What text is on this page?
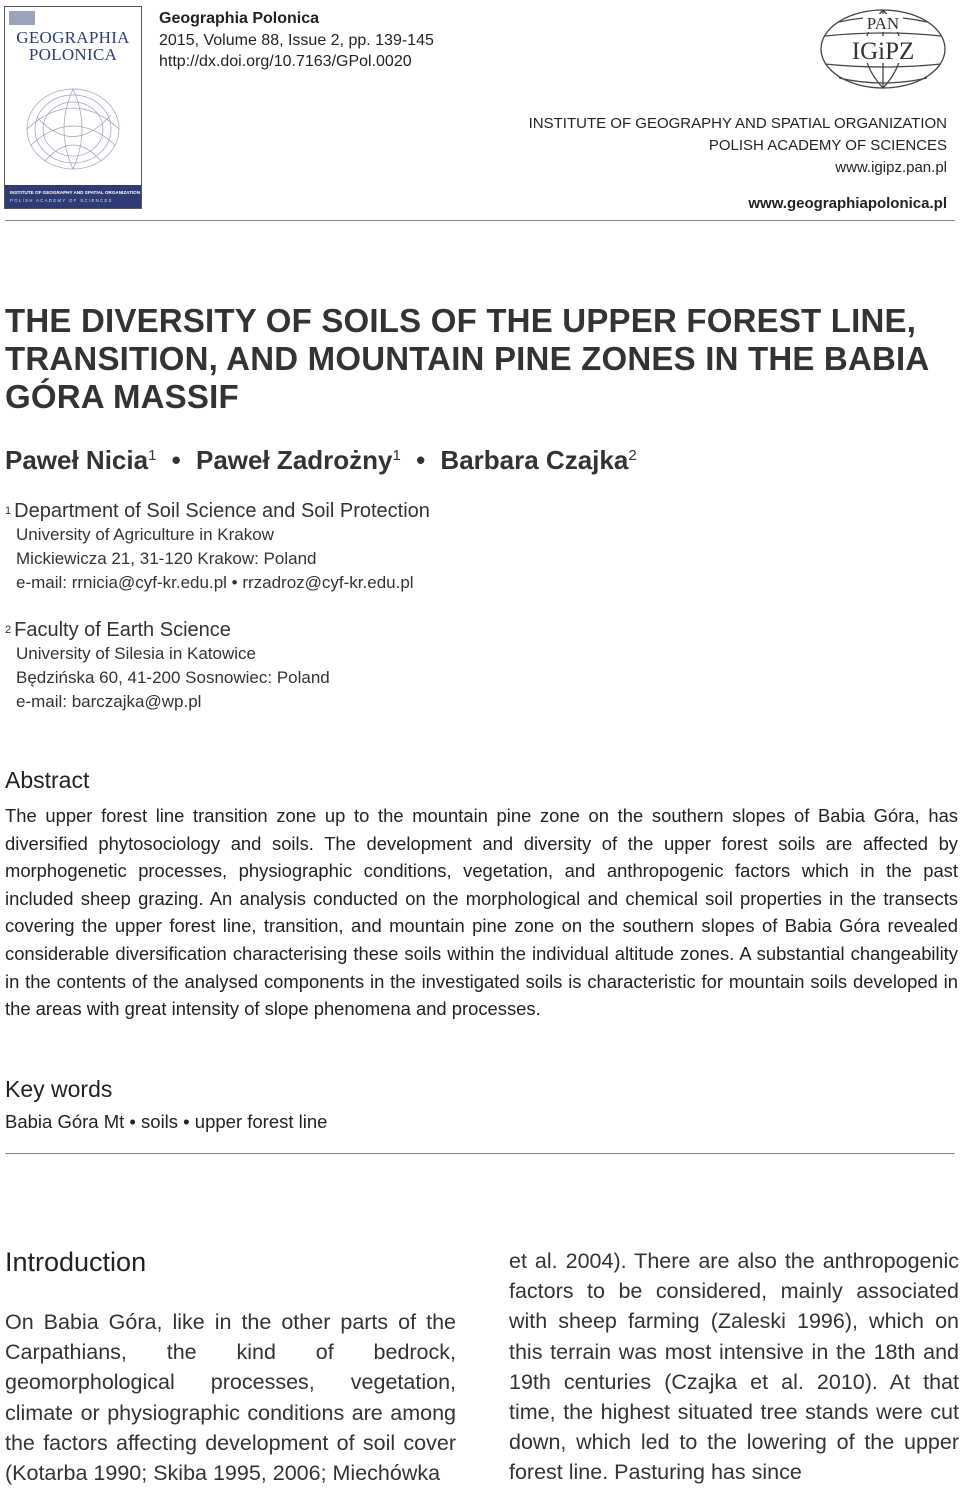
GEOGRAPHIA
POLONICA
INSTITUTE OF GEOGRAPHY AND SPATIAL ORGANIZATION
POLISH ACADEMY OF SCIENCES
Geographia Polonica
2015, Volume 88, Issue 2, pp. 139-145
http://dx.doi.org/10.7163/GPol.0020
PAN
IGiPZ
INSTITUTE OF GEOGRAPHY AND SPATIAL ORGANIZATION
POLISH ACADEMY OF SCIENCES
www.igipz.pan.pl
www.geographiapolonica.pl
THE DIVERSITY OF SOILS OF THE UPPER FOREST LINE, TRANSITION, AND MOUNTAIN PINE ZONES IN THE BABIA GÓRA MASSIF
Paweł Nicia$^1$ • Paweł Zadrożny$^1$ • Barbara Czajka$^2$
$^1$ Department of Soil Science and Soil Protection
University of Agriculture in Krakow
Mickiewicza 21, 31-120 Krakow: Poland
e-mail: rrnicia@cyf-kr.edu.pl • rrzadroz@cyf-kr.edu.pl
$^2$ Faculty of Earth Science
University of Silesia in Katowice
Będzińska 60, 41-200 Sosnowiec: Poland
e-mail: barczajka@wp.pl
Abstract
The upper forest line transition zone up to the mountain pine zone on the southern slopes of Babia Góra, has diversified phytosociology and soils. The development and diversity of the upper forest soils are affected by morphogenetic processes, physiographic conditions, vegetation, and anthropogenic factors which in the past included sheep grazing. An analysis conducted on the morphological and chemical soil properties in the transects covering the upper forest line, transition, and mountain pine zone on the southern slopes of Babia Góra revealed considerable diversification characterising these soils within the individual altitude zones. A substantial changeability in the contents of the analysed components in the investigated soils is characteristic for mountain soils developed in the areas with great intensity of slope phenomena and processes.
Key words
Babia Góra Mt • soils • upper forest line
Introduction
On Babia Góra, like in the other parts of the Carpathians, the kind of bedrock, geomorphological processes, vegetation, climate or physiographic conditions are among the factors affecting development of soil cover (Kotarba 1990; Skiba 1995, 2006; Miechówka
et al. 2004). There are also the anthropogenic factors to be considered, mainly associated with sheep farming (Zaleski 1996), which on this terrain was most intensive in the 18th and 19th centuries (Czajka et al. 2010). At that time, the highest situated tree stands were cut down, which led to the lowering of the upper forest line. Pasturing has since
